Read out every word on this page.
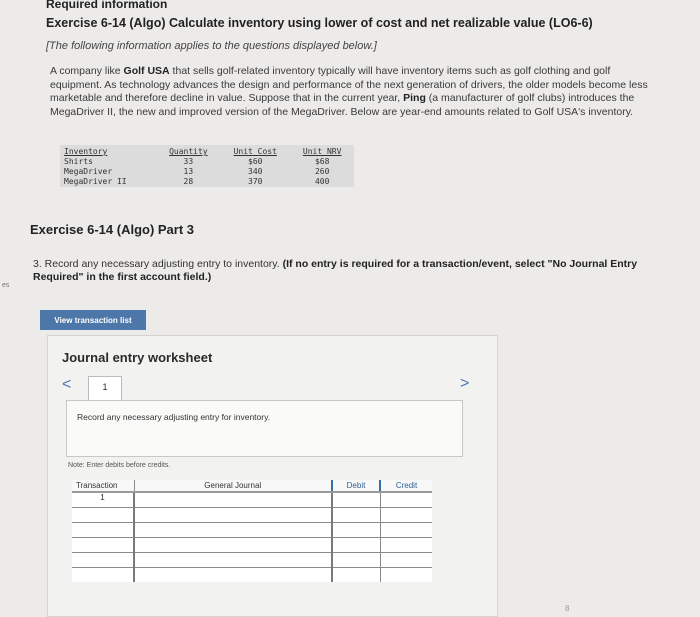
es
Required information
Exercise 6-14 (Algo) Calculate inventory using lower of cost and net realizable value (LO6-6)
[The following information applies to the questions displayed below.]

A company like Golf USA that sells golf-related inventory typically will have inventory items such as golf clothing and golf equipment. As technology advances the design and performance of the next generation of drivers, the older models become less marketable and therefore decline in value. Suppose that in the current year, Ping (a manufacturer of golf clubs) introduces the MegaDriver II, the new and improved version of the MegaDriver. Below are year-end amounts related to Golf USA's inventory.

Inventory	Quantity	Unit Cost	Unit NRV
Shirts	33	$60	$68
MegaDriver	13	340	260
MegaDriver II	28	370	400
Exercise 6-14 (Algo) Part 3

3. Record any necessary adjusting entry to inventory. (If no entry is required for a transaction/event, select "No Journal Entry Required" in the first account field.)

View transaction list
Journal entry worksheet
<	1	>
Record any necessary adjusting entry for inventory.
Note: Enter debits before credits.
Transaction	General Journal	Debit	Credit
1			

8
